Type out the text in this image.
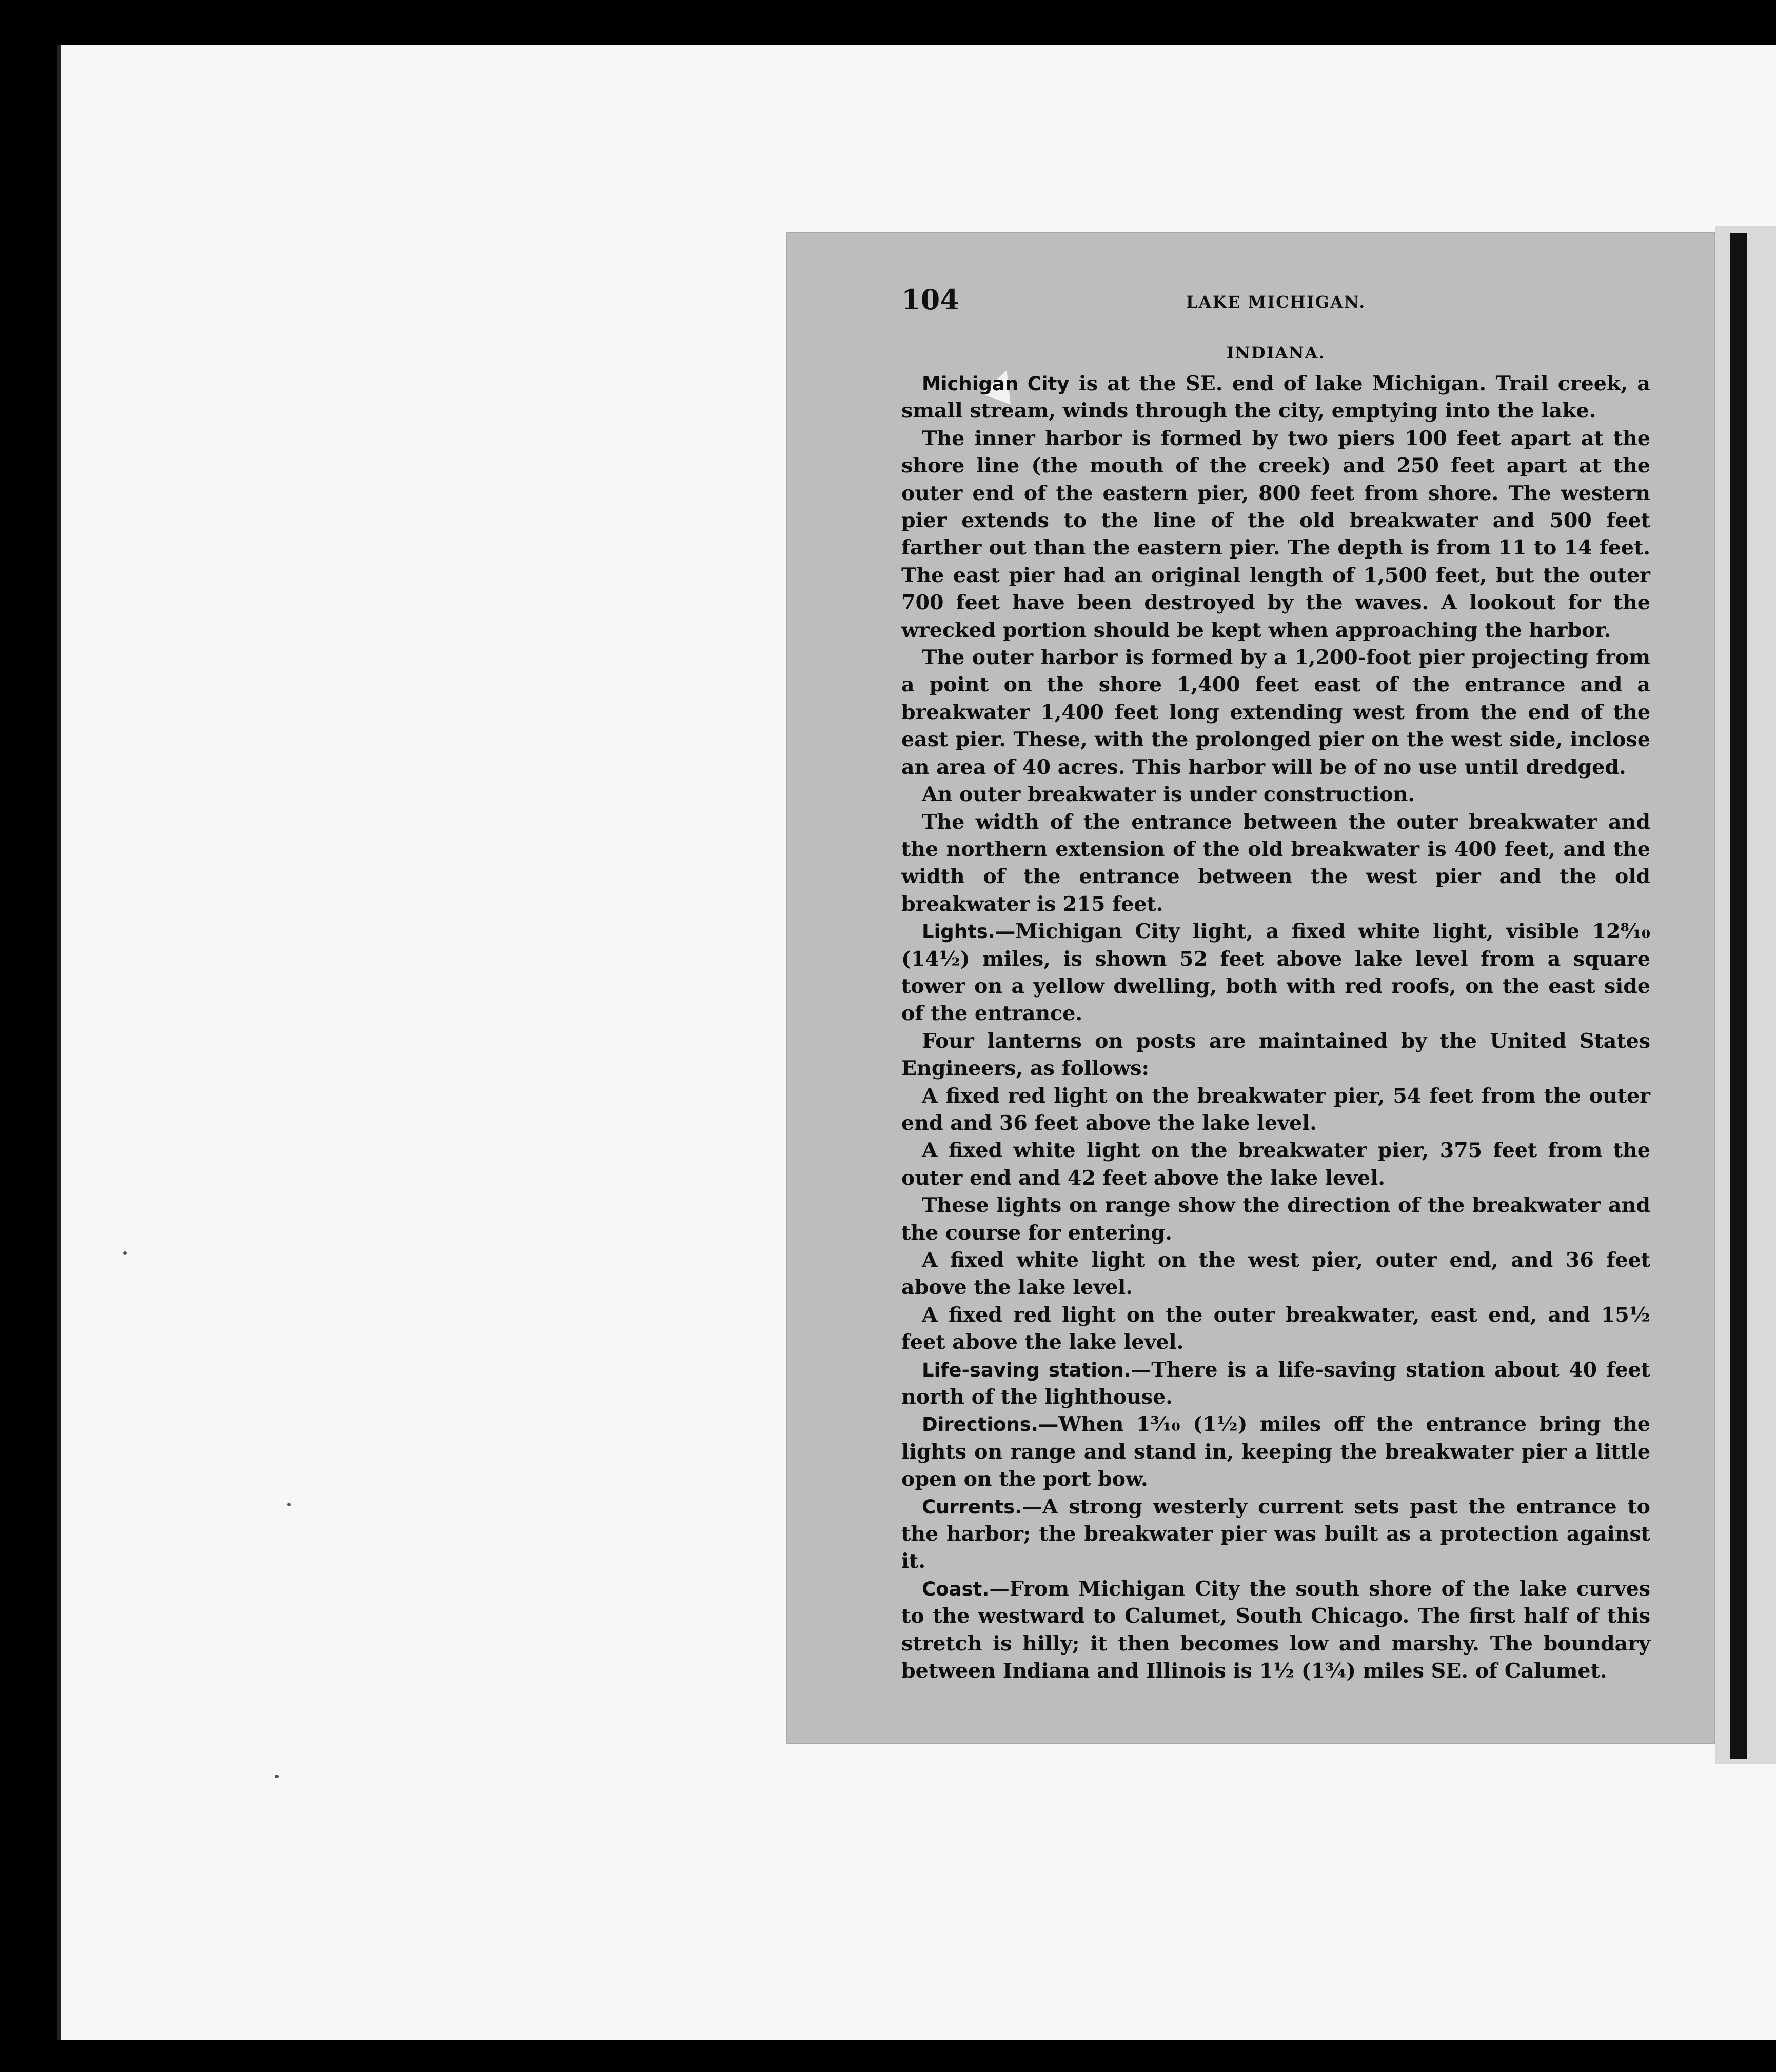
104	LAKE MICHIGAN.
INDIANA.

Michigan City is at the SE. end of lake Michigan. Trail creek, a small stream, winds through the city, emptying into the lake.

The inner harbor is formed by two piers 100 feet apart at the shore line (the mouth of the creek) and 250 feet apart at the outer end of the eastern pier, 800 feet from shore. The western pier extends to the line of the old breakwater and 500 feet farther out than the eastern pier. The depth is from 11 to 14 feet. The east pier had an original length of 1,500 feet, but the outer 700 feet have been destroyed by the waves. A lookout for the wrecked portion should be kept when approaching the harbor.

The outer harbor is formed by a 1,200-foot pier projecting from a point on the shore 1,400 feet east of the entrance and a breakwater 1,400 feet long extending west from the end of the east pier. These, with the prolonged pier on the west side, inclose an area of 40 acres. This harbor will be of no use until dredged.

An outer breakwater is under construction.

The width of the entrance between the outer breakwater and the northern extension of the old breakwater is 400 feet, and the width of the entrance between the west pier and the old breakwater is 215 feet.

Lights.—Michigan City light, a fixed white light, visible 12⁸⁄₁₀ (14½) miles, is shown 52 feet above lake level from a square tower on a yellow dwelling, both with red roofs, on the east side of the entrance.

Four lanterns on posts are maintained by the United States Engineers, as follows:

A fixed red light on the breakwater pier, 54 feet from the outer end and 36 feet above the lake level.

A fixed white light on the breakwater pier, 375 feet from the outer end and 42 feet above the lake level.

These lights on range show the direction of the breakwater and the course for entering.

A fixed white light on the west pier, outer end, and 36 feet above the lake level.

A fixed red light on the outer breakwater, east end, and 15½ feet above the lake level.

Life-saving station.—There is a life-saving station about 40 feet north of the lighthouse.

Directions.—When 1³⁄₁₀ (1½) miles off the entrance bring the lights on range and stand in, keeping the breakwater pier a little open on the port bow.

Currents.—A strong westerly current sets past the entrance to the harbor; the breakwater pier was built as a protection against it.

Coast.—From Michigan City the south shore of the lake curves to the westward to Calumet, South Chicago. The first half of this stretch is hilly; it then becomes low and marshy. The boundary between Indiana and Illinois is 1½ (1¾) miles SE. of Calumet.
